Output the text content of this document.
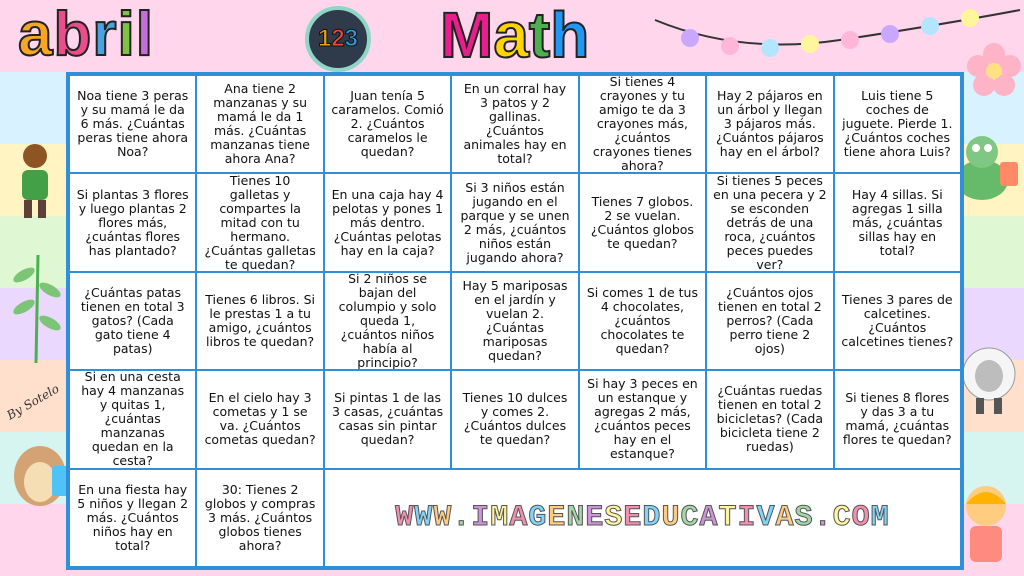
abril	1 2 3 Math
By Sotelo
Noa tiene 3 peras y su mamá le da 6 más. ¿Cuántas peras tiene ahora Noa?
Ana tiene 2 manzanas y su mamá le da 1 más. ¿Cuántas manzanas tiene ahora Ana?
Juan tenía 5 caramelos. Comió 2. ¿Cuántos caramelos le quedan?
En un corral hay 3 patos y 2 gallinas. ¿Cuántos animales hay en total?
Si tienes 4 crayones y tu amigo te da 3 crayones más, ¿cuántos crayones tienes ahora?
Hay 2 pájaros en un árbol y llegan 3 pájaros más. ¿Cuántos pájaros hay en el árbol?
Luis tiene 5 coches de juguete. Pierde 1. ¿Cuántos coches tiene ahora Luis?
Si plantas 3 flores y luego plantas 2 flores más, ¿cuántas flores has plantado?
Tienes 10 galletas y compartes la mitad con tu hermano. ¿Cuántas galletas te quedan?
En una caja hay 4 pelotas y pones 1 más dentro. ¿Cuántas pelotas hay en la caja?
Si 3 niños están jugando en el parque y se unen 2 más, ¿cuántos niños están jugando ahora?
Tienes 7 globos. 2 se vuelan. ¿Cuántos globos te quedan?
Si tienes 5 peces en una pecera y 2 se esconden detrás de una roca, ¿cuántos peces puedes ver?
Hay 4 sillas. Si agregas 1 silla más, ¿cuántas sillas hay en total?
¿Cuántas patas tienen en total 3 gatos? (Cada gato tiene 4 patas)
Tienes 6 libros. Si le prestas 1 a tu amigo, ¿cuántos libros te quedan?
Si 2 niños se bajan del columpio y solo queda 1, ¿cuántos niños había al principio?
Hay 5 mariposas en el jardín y vuelan 2. ¿Cuántas mariposas quedan?
Si comes 1 de tus 4 chocolates, ¿cuántos chocolates te quedan?
¿Cuántos ojos tienen en total 2 perros? (Cada perro tiene 2 ojos)
Tienes 3 pares de calcetines. ¿Cuántos calcetines tienes?
Si en una cesta hay 4 manzanas y quitas 1, ¿cuántas manzanas quedan en la cesta?
En el cielo hay 3 cometas y 1 se va. ¿Cuántos cometas quedan?
Si pintas 1 de las 3 casas, ¿cuántas casas sin pintar quedan?
Tienes 10 dulces y comes 2. ¿Cuántos dulces te quedan?
Si hay 3 peces en un estanque y agregas 2 más, ¿cuántos peces hay en el estanque?
¿Cuántas ruedas tienen en total 2 bicicletas? (Cada bicicleta tiene 2 ruedas)
Si tienes 8 flores y das 3 a tu mamá, ¿cuántas flores te quedan?
En una fiesta hay 5 niños y llegan 2 más. ¿Cuántos niños hay en total?
30: Tienes 2 globos y compras 3 más. ¿Cuántos globos tienes ahora?
W W W . I M A G E N E S E D U C A T I V A S . C O M
